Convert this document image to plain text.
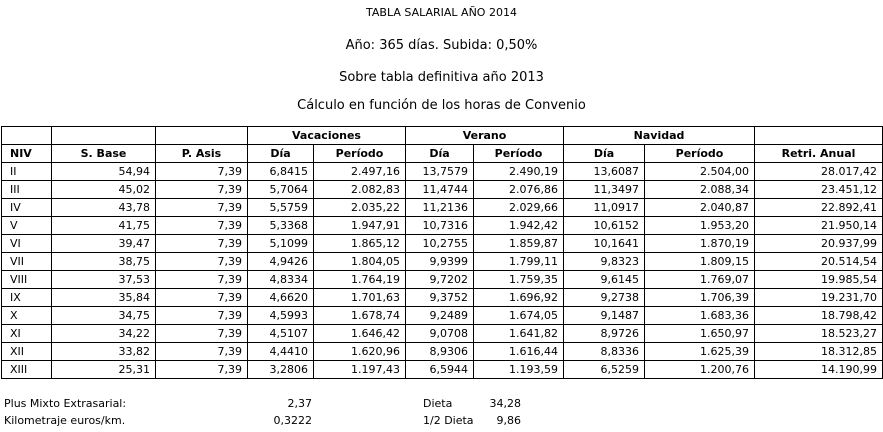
TABLA SALARIAL AÑO 2014
Año: 365 días. Subida: 0,50%
Sobre tabla definitiva año 2013
Cálculo en función de los horas de Convenio
			Vacaciones		Verano		Navidad		
NIV	S. Base	P. Asis	Día	Período	Día	Período	Día	Período	Retri. Anual
II	54,94	7,39	6,8415	2.497,16	13,7579	2.490,19	13,6087	2.504,00	28.017,42
III	45,02	7,39	5,7064	2.082,83	11,4744	2.076,86	11,3497	2.088,34	23.451,12
IV	43,78	7,39	5,5759	2.035,22	11,2136	2.029,66	11,0917	2.040,87	22.892,41
V	41,75	7,39	5,3368	1.947,91	10,7316	1.942,42	10,6152	1.953,20	21.950,14
VI	39,47	7,39	5,1099	1.865,12	10,2755	1.859,87	10,1641	1.870,19	20.937,99
VII	38,75	7,39	4,9426	1.804,05	9,9399	1.799,11	9,8323	1.809,15	20.514,54
VIII	37,53	7,39	4,8334	1.764,19	9,7202	1.759,35	9,6145	1.769,07	19.985,54
IX	35,84	7,39	4,6620	1.701,63	9,3752	1.696,92	9,2738	1.706,39	19.231,70
X	34,75	7,39	4,5993	1.678,74	9,2489	1.674,05	9,1487	1.683,36	18.798,42
XI	34,22	7,39	4,5107	1.646,42	9,0708	1.641,82	8,9726	1.650,97	18.523,27
XII	33,82	7,39	4,4410	1.620,96	8,9306	1.616,44	8,8336	1.625,39	18.312,85
XIII	25,31	7,39	3,2806	1.197,43	6,5944	1.193,59	6,5259	1.200,76	14.190,99
Plus Mixto Extrasarial:	2,37	Dieta	34,28
Kilometraje euros/km.	0,3222	1/2 Dieta	9,86
